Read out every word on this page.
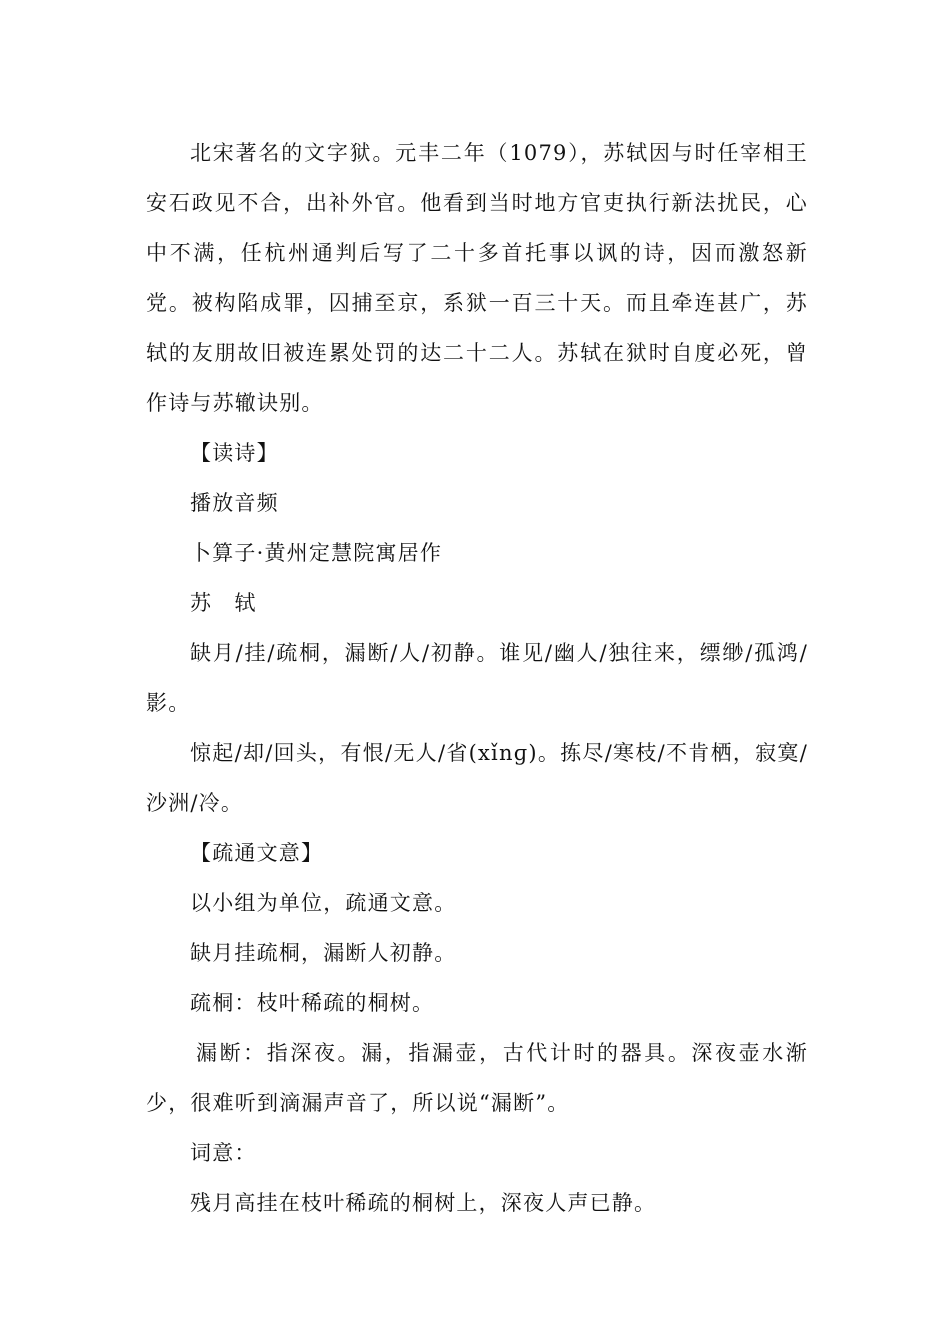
北宋著名的文字狱。元丰二年（1079），苏轼因与时任宰相王安石政见不合，出补外官。他看到当时地方官吏执行新法扰民，心中不满，任杭州通判后写了二十多首托事以讽的诗，因而激怒新党。被构陷成罪，囚捕至京，系狱一百三十天。而且牵连甚广，苏轼的友朋故旧被连累处罚的达二十二人。苏轼在狱时自度必死，曾作诗与苏辙诀别。

【读诗】

播放音频

卜算子·黄州定慧院寓居作

苏　轼

缺月/挂/疏桐，漏断/人/初静。谁见/幽人/独往来，缥缈/孤鸿/影。

惊起/却/回头，有恨/无人/省(xǐnɡ)。拣尽/寒枝/不肯栖，寂寞/沙洲/冷。

【疏通文意】

以小组为单位，疏通文意。

缺月挂疏桐，漏断人初静。

疏桐：枝叶稀疏的桐树。

漏断：指深夜。漏，指漏壶，古代计时的器具。深夜壶水渐少，很难听到滴漏声音了，所以说“漏断”。

词意：

残月高挂在枝叶稀疏的桐树上，深夜人声已静。
